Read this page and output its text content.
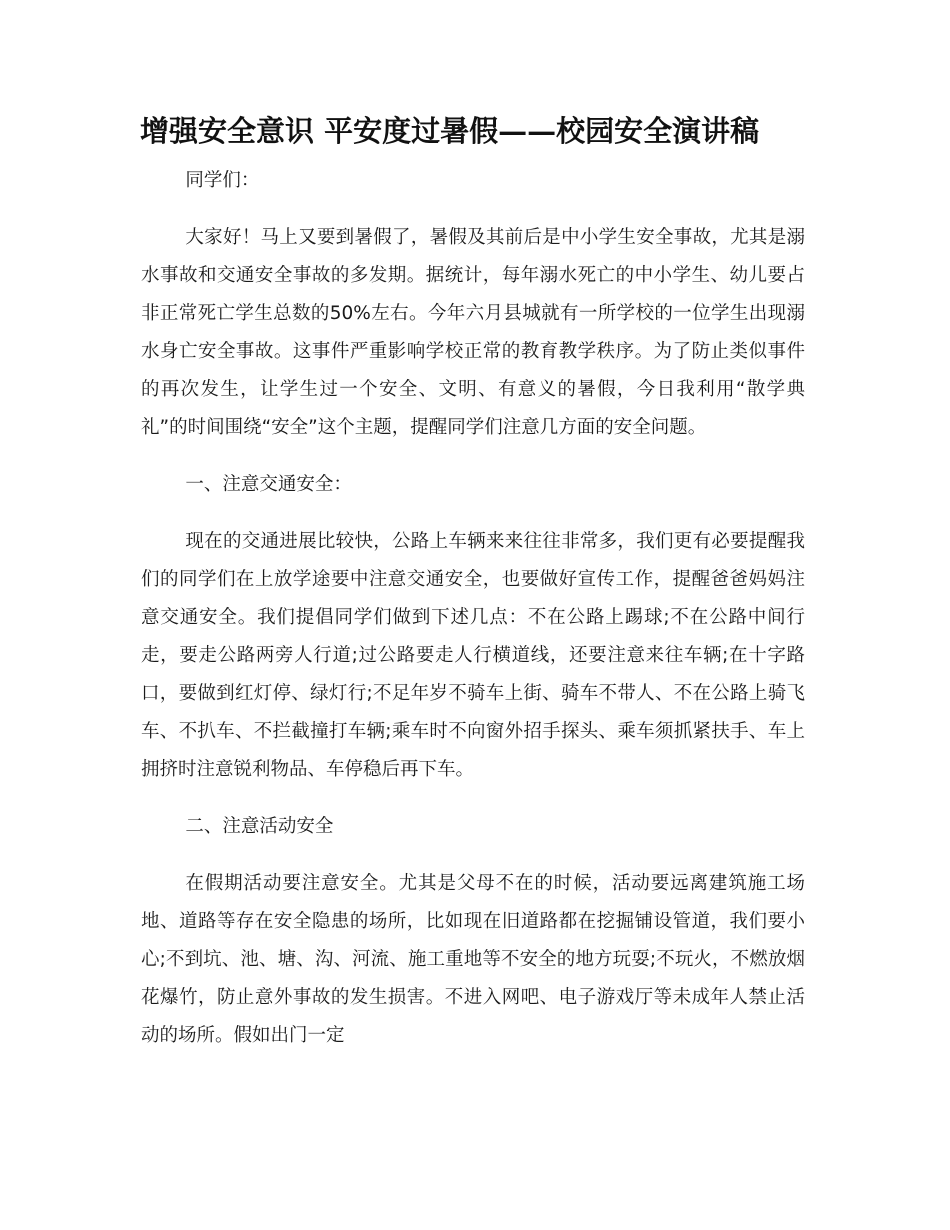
增强安全意识 平安度过暑假——校园安全演讲稿

同学们：

大家好！马上又要到暑假了，暑假及其前后是中小学生安全事故，尤其是溺水事故和交通安全事故的多发期。据统计，每年溺水死亡的中小学生、幼儿要占非正常死亡学生总数的50%左右。今年六月县城就有一所学校的一位学生出现溺水身亡安全事故。这事件严重影响学校正常的教育教学秩序。为了防止类似事件的再次发生，让学生过一个安全、文明、有意义的暑假，今日我利用“散学典礼”的时间围绕“安全”这个主题，提醒同学们注意几方面的安全问题。

一、注意交通安全：

现在的交通进展比较快，公路上车辆来来往往非常多，我们更有必要提醒我们的同学们在上放学途要中注意交通安全，也要做好宣传工作，提醒爸爸妈妈注意交通安全。我们提倡同学们做到下述几点：不在公路上踢球;不在公路中间行走，要走公路两旁人行道;过公路要走人行横道线，还要注意来往车辆;在十字路口，要做到红灯停、绿灯行;不足年岁不骑车上街、骑车不带人、不在公路上骑飞车、不扒车、不拦截撞打车辆;乘车时不向窗外招手探头、乘车须抓紧扶手、车上拥挤时注意锐利物品、车停稳后再下车。

二、注意活动安全

在假期活动要注意安全。尤其是父母不在的时候，活动要远离建筑施工场地、道路等存在安全隐患的场所，比如现在旧道路都在挖掘铺设管道，我们要小心;不到坑、池、塘、沟、河流、施工重地等不安全的地方玩耍;不玩火，不燃放烟花爆竹，防止意外事故的发生损害。不进入网吧、电子游戏厅等未成年人禁止活动的场所。假如出门一定
